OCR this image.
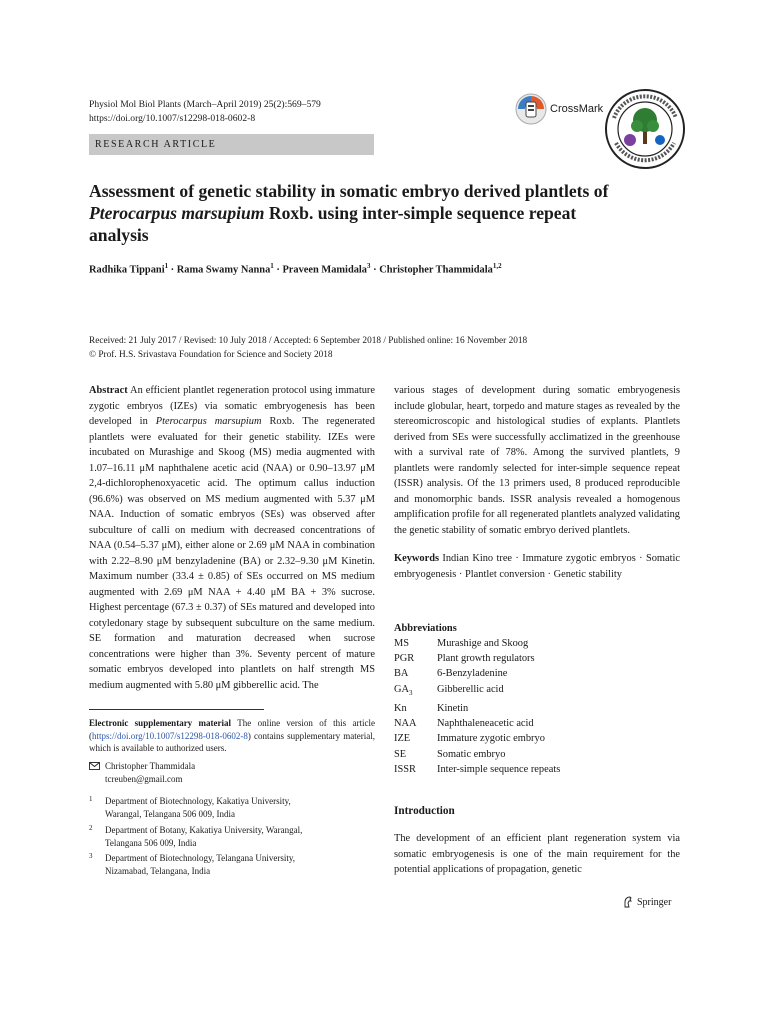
Physiol Mol Biol Plants (March–April 2019) 25(2):569–579
https://doi.org/10.1007/s12298-018-0602-8
RESEARCH ARTICLE
CrossMark
Assessment of genetic stability in somatic embryo derived plantlets of Pterocarpus marsupium Roxb. using inter-simple sequence repeat analysis
Radhika Tippani$^1$ · Rama Swamy Nanna$^1$ · Praveen Mamidala$^3$ · Christopher Thammidala$^{1,2}$
Received: 21 July 2017 / Revised: 10 July 2018 / Accepted: 6 September 2018 / Published online: 16 November 2018
© Prof. H.S. Srivastava Foundation for Science and Society 2018
Abstract An efficient plantlet regeneration protocol using immature zygotic embryos (IZEs) via somatic embryogenesis has been developed in Pterocarpus marsupium Roxb. The regenerated plantlets were evaluated for their genetic stability. IZEs were incubated on Murashige and Skoog (MS) media augmented with 1.07–16.11 μM naphthalene acetic acid (NAA) or 0.90–13.97 μM 2,4-dichlorophenoxyacetic acid. The optimum callus induction (96.6%) was observed on MS medium augmented with 5.37 μM NAA. Induction of somatic embryos (SEs) was observed after subculture of calli on medium with decreased concentrations of NAA (0.54–5.37 μM), either alone or 2.69 μM NAA in combination with 2.22–8.90 μM benzyladenine (BA) or 2.32–9.30 μM Kinetin. Maximum number (33.4 ± 0.85) of SEs occurred on MS medium augmented with 2.69 μM NAA + 4.40 μM BA + 3% sucrose. Highest percentage (67.3 ± 0.37) of SEs matured and developed into cotyledonary stage by subsequent subculture on the same medium. SE formation and maturation decreased when sucrose concentrations were higher than 3%. Seventy percent of mature somatic embryos developed into plantlets on half strength MS medium augmented with 5.80 μM gibberellic acid. The
Electronic supplementary material The online version of this article (https://doi.org/10.1007/s12298-018-0602-8) contains supplementary material, which is available to authorized users.
Christopher Thammidala
tcreuben@gmail.com
1 Department of Biotechnology, Kakatiya University,
Warangal, Telangana 506 009, India
2 Department of Botany, Kakatiya University, Warangal,
Telangana 506 009, India
3 Department of Biotechnology, Telangana University,
Nizamabad, Telangana, India
various stages of development during somatic embryogenesis include globular, heart, torpedo and mature stages as revealed by the stereomicroscopic and histological studies of explants. Plantlets derived from SEs were successfully acclimatized in the greenhouse with a survival rate of 78%. Among the survived plantlets, 9 plantlets were randomly selected for inter-simple sequence repeat (ISSR) analysis. Of the 13 primers used, 8 produced reproducible and monomorphic bands. ISSR analysis revealed a homogenous amplification profile for all regenerated plantlets analyzed validating the genetic stability of somatic embryo derived plantlets.
Keywords Indian Kino tree · Immature zygotic embryos · Somatic embryogenesis · Plantlet conversion · Genetic stability
Abbreviations
MS	Murashige and Skoog
PGR	Plant growth regulators
BA	6-Benzyladenine
$GA_3$	Gibberellic acid
Kn	Kinetin
NAA	Naphthaleneacetic acid
IZE	Immature zygotic embryo
SE	Somatic embryo
ISSR	Inter-simple sequence repeats
Introduction
The development of an efficient plant regeneration system via somatic embryogenesis is one of the main requirement for the potential applications of propagation, genetic
Springer
